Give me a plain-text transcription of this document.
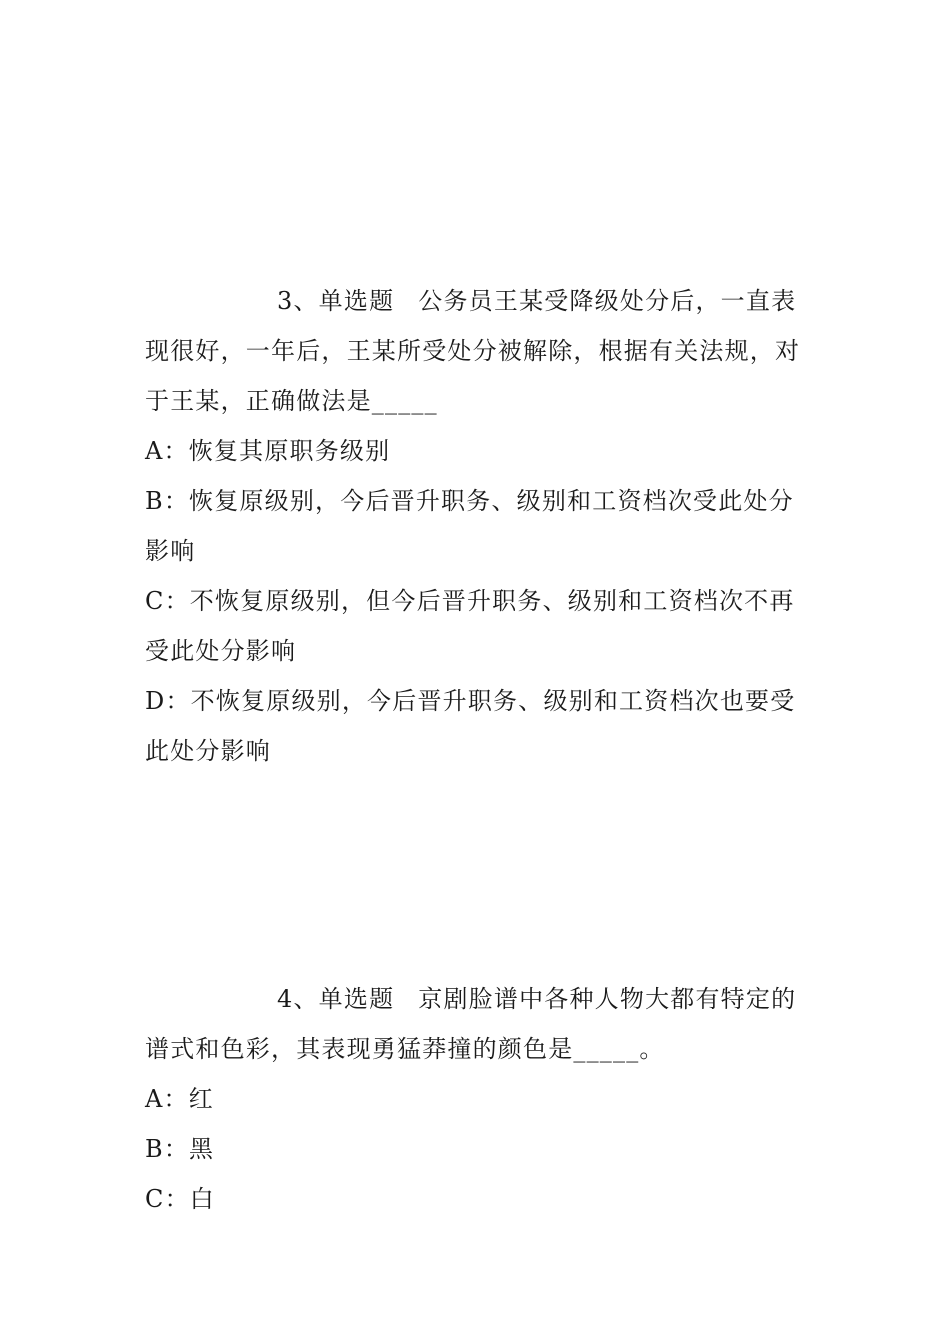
3、单选题 公务员王某受降级处分后，一直表现很好，一年后，王某所受处分被解除，根据有关法规，对于王某，正确做法是_____

A：恢复其原职务级别

B：恢复原级别，今后晋升职务、级别和工资档次受此处分影响

C：不恢复原级别，但今后晋升职务、级别和工资档次不再受此处分影响

D：不恢复原级别，今后晋升职务、级别和工资档次也要受此处分影响

4、单选题 京剧脸谱中各种人物大都有特定的谱式和色彩，其表现勇猛莽撞的颜色是_____。

A：红

B：黑

C：白
